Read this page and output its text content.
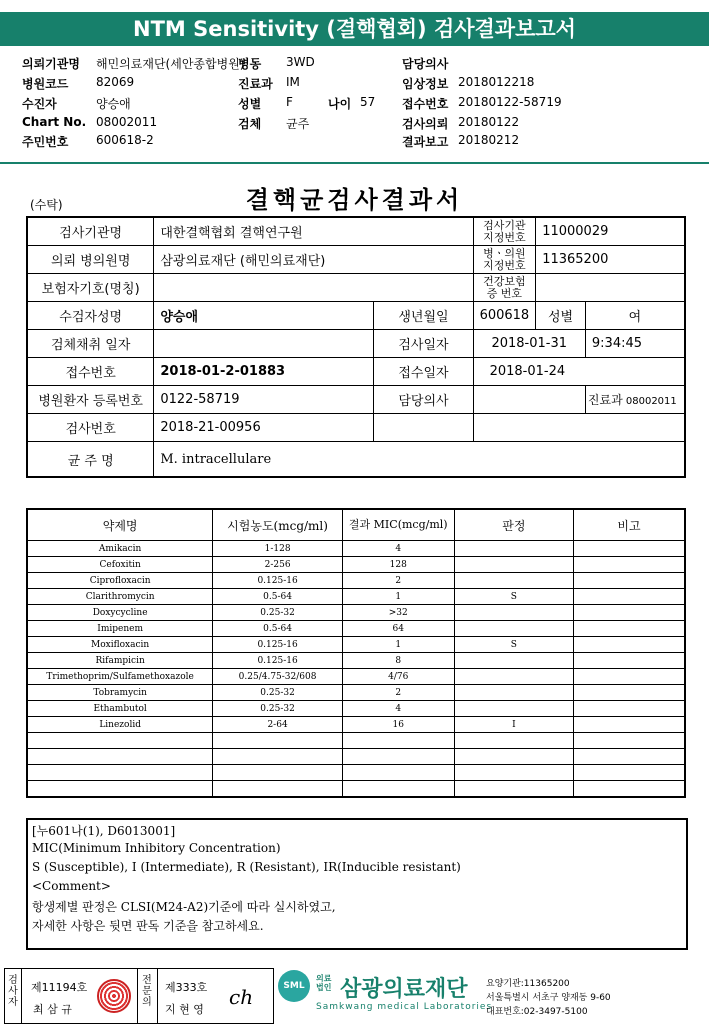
NTM Sensitivity (결핵협회) 검사결과보고서
의뢰기관명 해민의료재단(세안종합병원)
병동 3WD	담당의사
병원코드 82069	진료과 IM	임상정보 2018012218
수진자	양승애	성별 F	나이 57 접수번호 20180122-58719
Chart No. 08002011	검체 균주	검사의뢰 20180122
주민번호 600618-2	결과보고 20180212
(수탁)	결핵균검사결과서
검사기관명	대한결핵협회 결핵연구원		검사기관 지정번호	11000029	
의뢰 병의원명	삼광의료재단 (해민의료재단)		병ㆍ의원 지정번호	11365200	
보험자기호(명칭)			건강보험증 번호		
수검자성명	양승애	생년월일	600618	성별	여
검체채취 일자		검사일자	2018-01-31		9:34:45
접수번호	2018-01-2-01883	접수일자	2018-01-24		
병원환자 등록번호	0122-58719	담당의사			진료과 08002011
검사번호	2018-21-00956				
균 주 명	M. intracellulare				
약제명	시험농도(mcg/ml)	결과 MIC(mcg/ml)	판정	비고
Amikacin	1-128	4		
Cefoxitin	2-256	128		
Ciprofloxacin	0.125-16	2		
Clarithromycin	0.5-64	1	S	
Doxycycline	0.25-32	>32		
Imipenem	0.5-64	64		
Moxifloxacin	0.125-16	1	S	
Rifampicin	0.125-16	8		
Trimethoprim/Sulfamethoxazole	0.25/4.75-32/608	4/76		
Tobramycin	0.25-32	2		
Ethambutol	0.25-32	4		
Linezolid	2-64	16	I	

[누601나(1), D6013001]
MIC(Minimum Inhibitory Concentration)
S (Susceptible), I (Intermediate), R (Resistant), IR(Inducible resistant)
<Comment>
항생제별 판정은 CLSI(M24-A2)기준에 따라 실시하였고,
자세한 사항은 뒷면 판독 기준을 참고하세요.
검사자
제11194호
최 삼 규
전문의
제333호
지 현 영
ch	SML
의료 법인 삼광의료재단
Samkwang medical Laboratories
요양기관:11365200
서울특별시 서초구 양재동 9-60
대표번호:02-3497-5100
